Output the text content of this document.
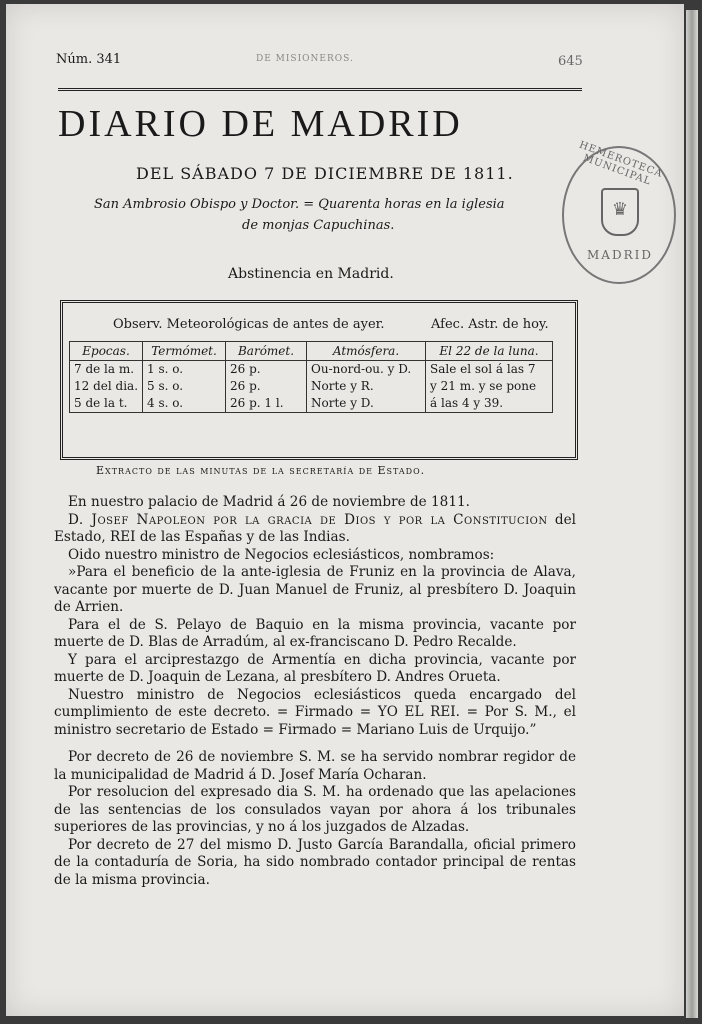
Núm. 341	DE MISIONEROS.	645
DIARIO DE MADRID
DEL SÁBADO 7 DE DICIEMBRE DE 1811.
San Ambrosio Obispo y Doctor. = Quarenta horas en la iglesia
de monjas Capuchinas.
Abstinencia en Madrid.
HEMEROTECA MUNICIPAL
♛
MADRID
Observ. Meteorológicas de antes de ayer.	Afec. Astr. de hoy.
Epocas.	Termómet.	Barómet.	Atmósfera.	El 22 de la luna.
7 de la m.	1 s. o.	26 p.	Ou-nord-ou. y D.	Sale el sol á las 7
12 del dia.	5 s. o.	26 p.	Norte y R.	y 21 m. y se pone
5 de la t.	4 s. o.	26 p. 1 l.	Norte y D.	á las 4 y 39.
Extracto de las minutas de la secretaría de Estado.

En nuestro palacio de Madrid á 26 de noviembre de 1811.

D. Josef Napoleon por la gracia de Dios y por la Constitucion del Estado, REI de las Españas y de las Indias.

Oido nuestro ministro de Negocios eclesiásticos, nombramos:

»Para el beneficio de la ante-iglesia de Fruniz en la provincia de Alava, vacante por muerte de D. Juan Manuel de Fruniz, al presbítero D. Joaquin de Arrien.

Para el de S. Pelayo de Baquio en la misma provincia, vacante por muerte de D. Blas de Arradúm, al ex-franciscano D. Pedro Recalde.

Y para el arciprestazgo de Armentía en dicha provincia, vacante por muerte de D. Joaquin de Lezana, al presbítero D. Andres Orueta.

Nuestro ministro de Negocios eclesiásticos queda encargado del cumplimiento de este decreto. = Firmado = YO EL REI. = Por S. M., el ministro secretario de Estado = Firmado = Mariano Luis de Urquijo.”

Por decreto de 26 de noviembre S. M. se ha servido nombrar regidor de la municipalidad de Madrid á D. Josef María Ocharan.

Por resolucion del expresado dia S. M. ha ordenado que las apelaciones de las sentencias de los consulados vayan por ahora á los tribunales superiores de las provincias, y no á los juzgados de Alzadas.

Por decreto de 27 del mismo D. Justo García Barandalla, oficial primero de la contaduría de Soria, ha sido nombrado contador principal de rentas de la misma provincia.
